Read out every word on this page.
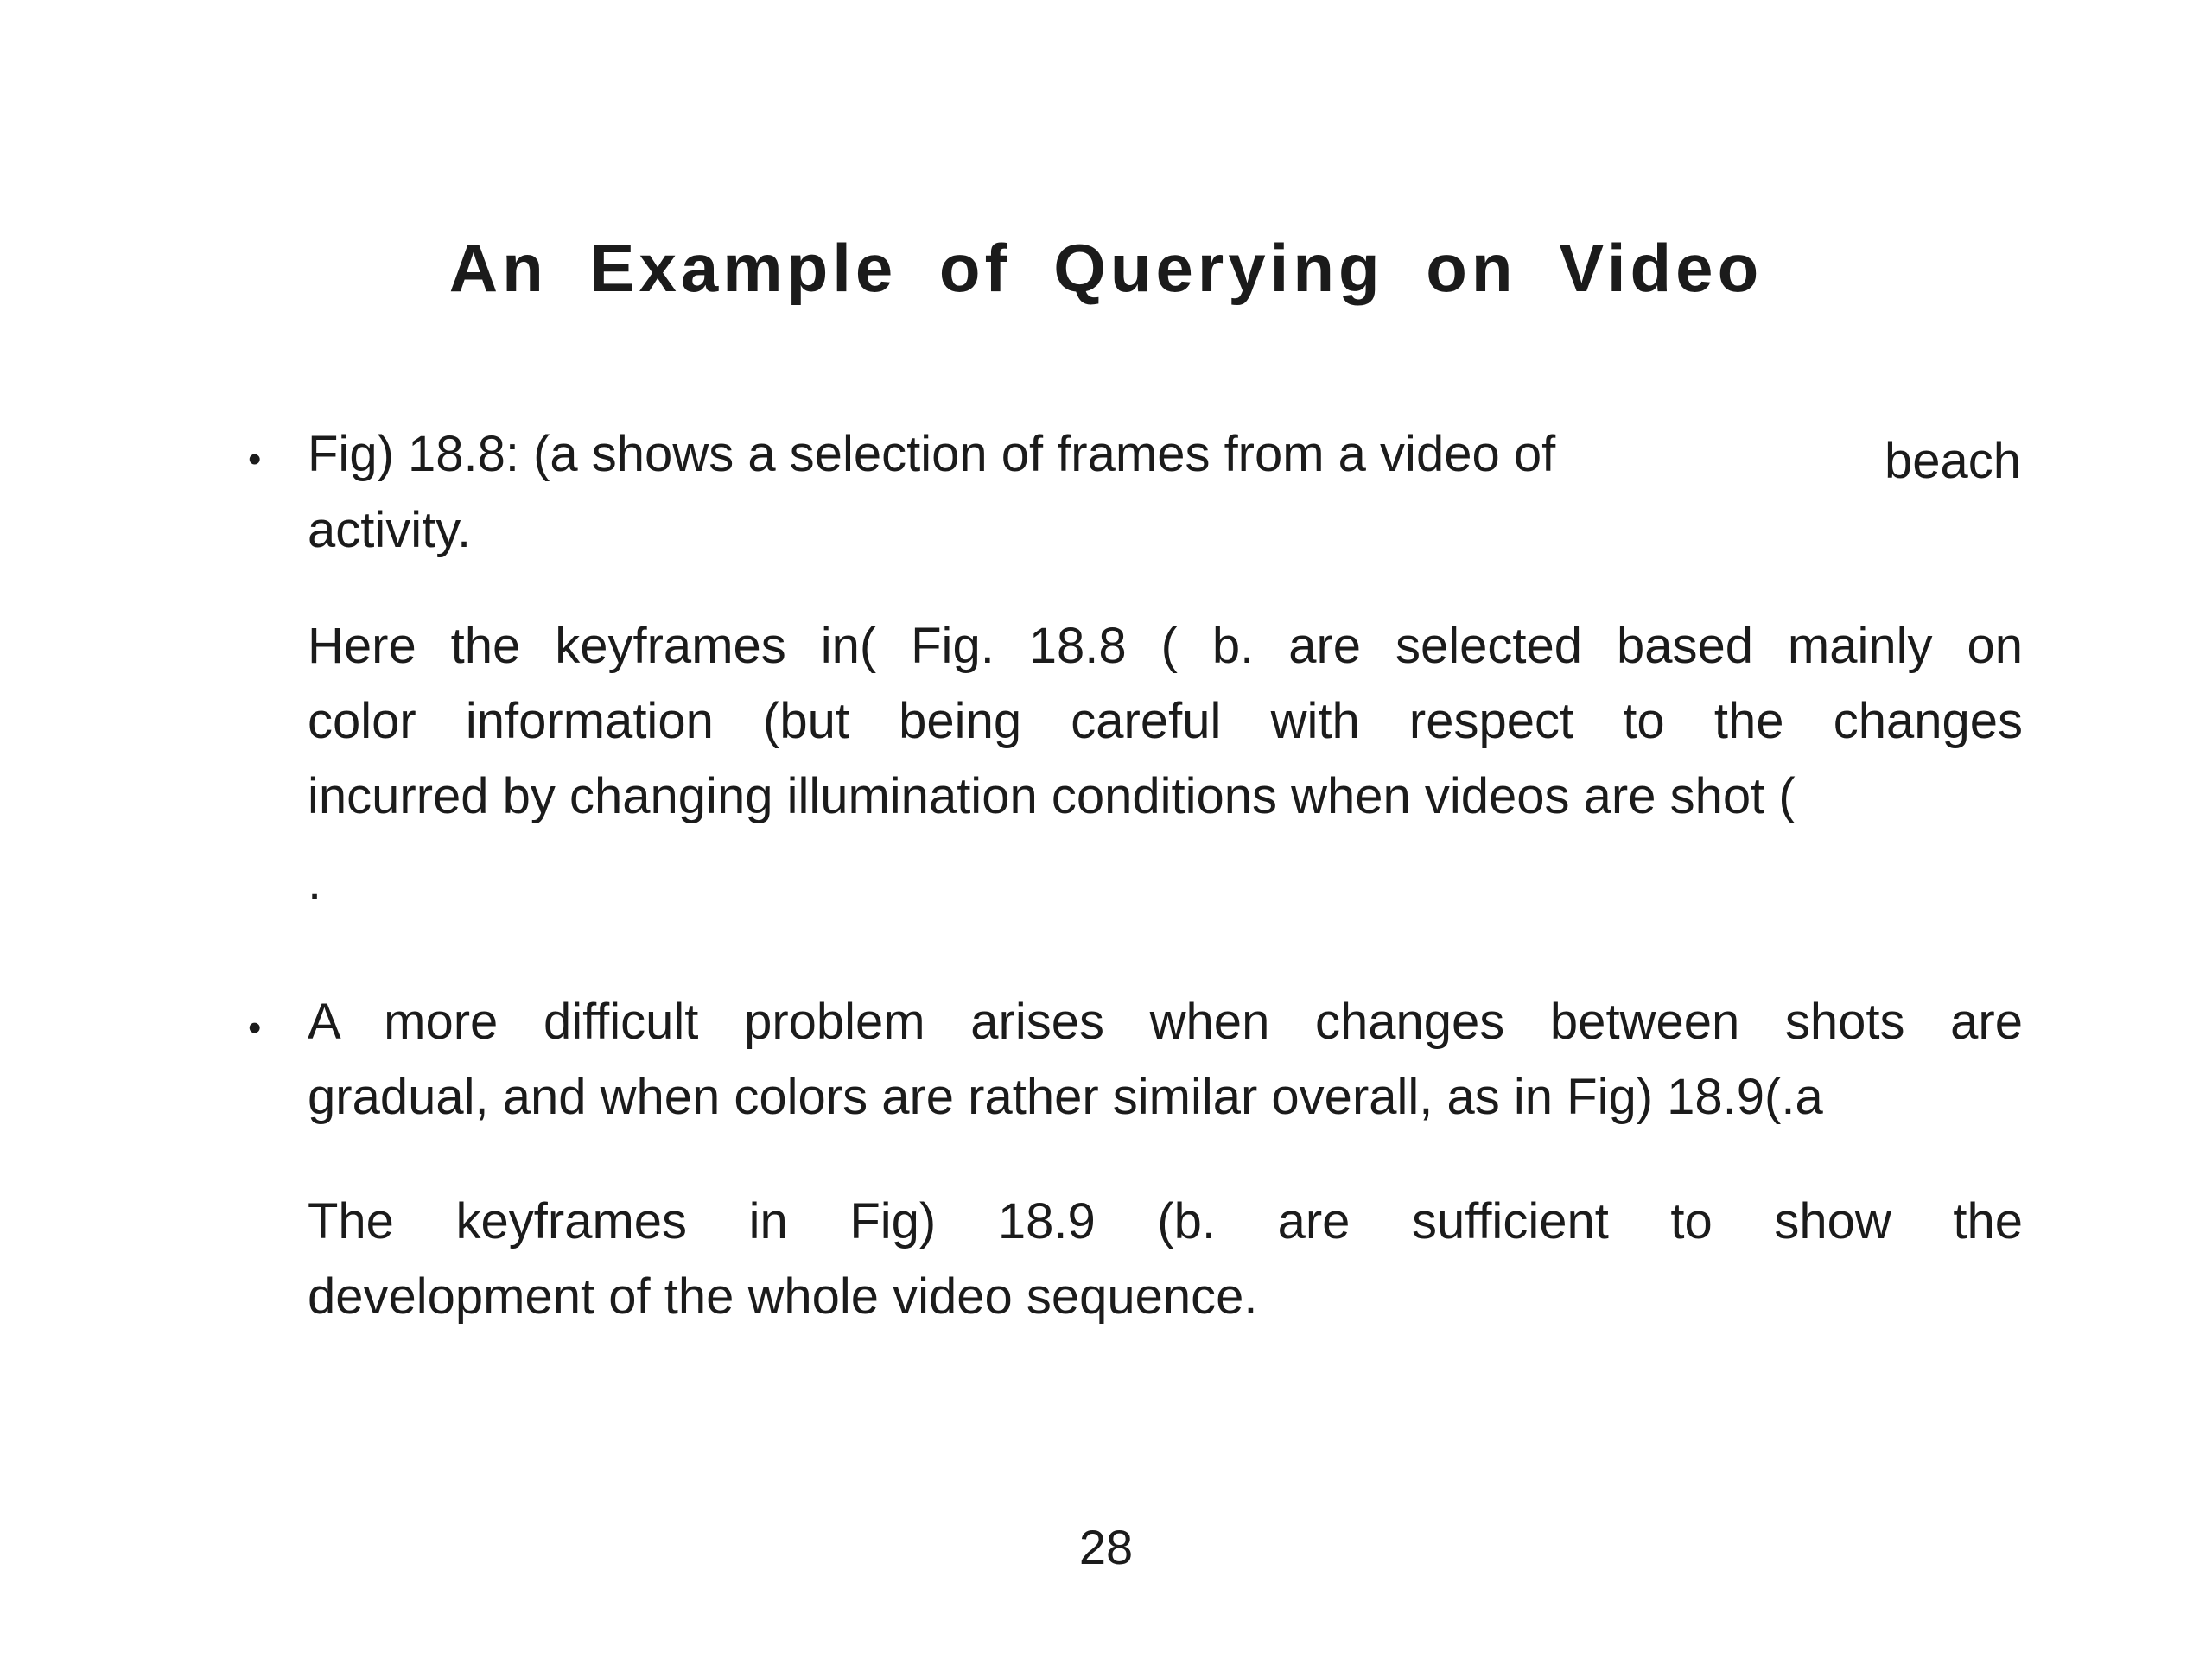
An Example of Querying on Video
• Fig) 18.8: (a shows a selection of frames from a video of	beach
activity.
Here the keyframes in( Fig. 18.8 ( b. are selected based mainly on
color information (but being careful with respect to the changes
incurred by changing illumination conditions when videos are shot (
.
• A more difficult problem arises when changes between shots are
gradual, and when colors are rather similar overall, as in Fig) 18.9(.a
The keyframes in Fig) 18.9 (b. are sufficient to show the
development of the whole video sequence.
28
